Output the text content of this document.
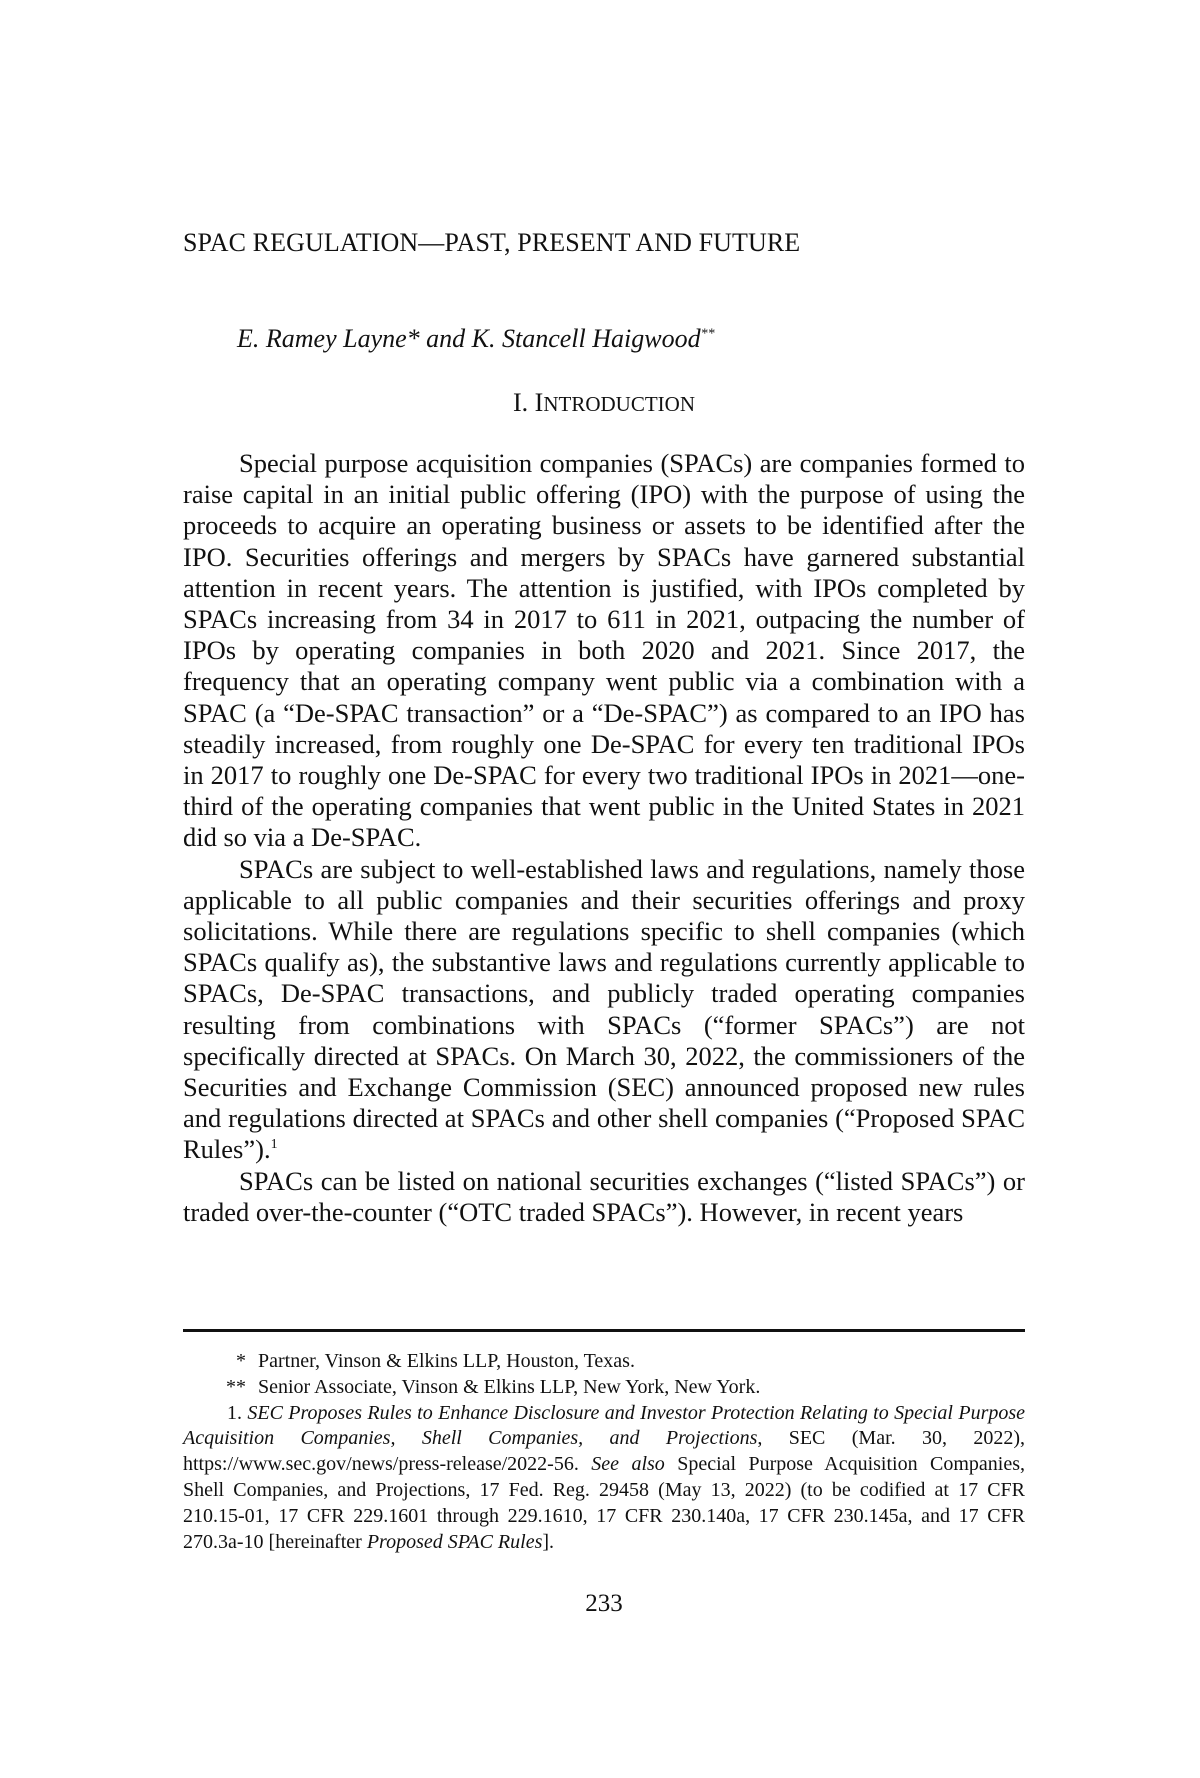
SPAC REGULATION—PAST, PRESENT AND FUTURE
E. Ramey Layne* and K. Stancell Haigwood**
I. INTRODUCTION

Special purpose acquisition companies (SPACs) are companies formed to raise capital in an initial public offering (IPO) with the purpose of using the proceeds to acquire an operating business or assets to be identified after the IPO. Securities offerings and mergers by SPACs have garnered substantial attention in recent years. The attention is justified, with IPOs completed by SPACs increasing from 34 in 2017 to 611 in 2021, outpacing the number of IPOs by operating companies in both 2020 and 2021. Since 2017, the frequency that an operating company went public via a combination with a SPAC (a “De-SPAC transaction” or a “De-SPAC”) as compared to an IPO has steadily increased, from roughly one De-SPAC for every ten traditional IPOs in 2017 to roughly one De-SPAC for every two traditional IPOs in 2021—one-third of the operating companies that went public in the United States in 2021 did so via a De-SPAC.

SPACs are subject to well-established laws and regulations, namely those applicable to all public companies and their securities offerings and proxy solicitations. While there are regulations specific to shell companies (which SPACs qualify as), the substantive laws and regulations currently applicable to SPACs, De-SPAC transactions, and publicly traded operating companies resulting from combinations with SPACs (“former SPACs”) are not specifically directed at SPACs. On March 30, 2022, the commissioners of the Securities and Exchange Commission (SEC) announced proposed new rules and regulations directed at SPACs and other shell companies (“Proposed SPAC Rules”).$^1$

SPACs can be listed on national securities exchanges (“listed SPACs”) or traded over-the-counter (“OTC traded SPACs”). However, in recent years

* Partner, Vinson & Elkins LLP, Houston, Texas.

** Senior Associate, Vinson & Elkins LLP, New York, New York.

1. SEC Proposes Rules to Enhance Disclosure and Investor Protection Relating to Special Purpose Acquisition Companies, Shell Companies, and Projections, SEC (Mar. 30, 2022), https://www.sec.gov/news/press-release/2022-56. See also Special Purpose Acquisition Companies, Shell Companies, and Projections, 17 Fed. Reg. 29458 (May 13, 2022) (to be codified at 17 CFR 210.15-01, 17 CFR 229.1601 through 229.1610, 17 CFR 230.140a, 17 CFR 230.145a, and 17 CFR 270.3a-10 [hereinafter Proposed SPAC Rules].

233
